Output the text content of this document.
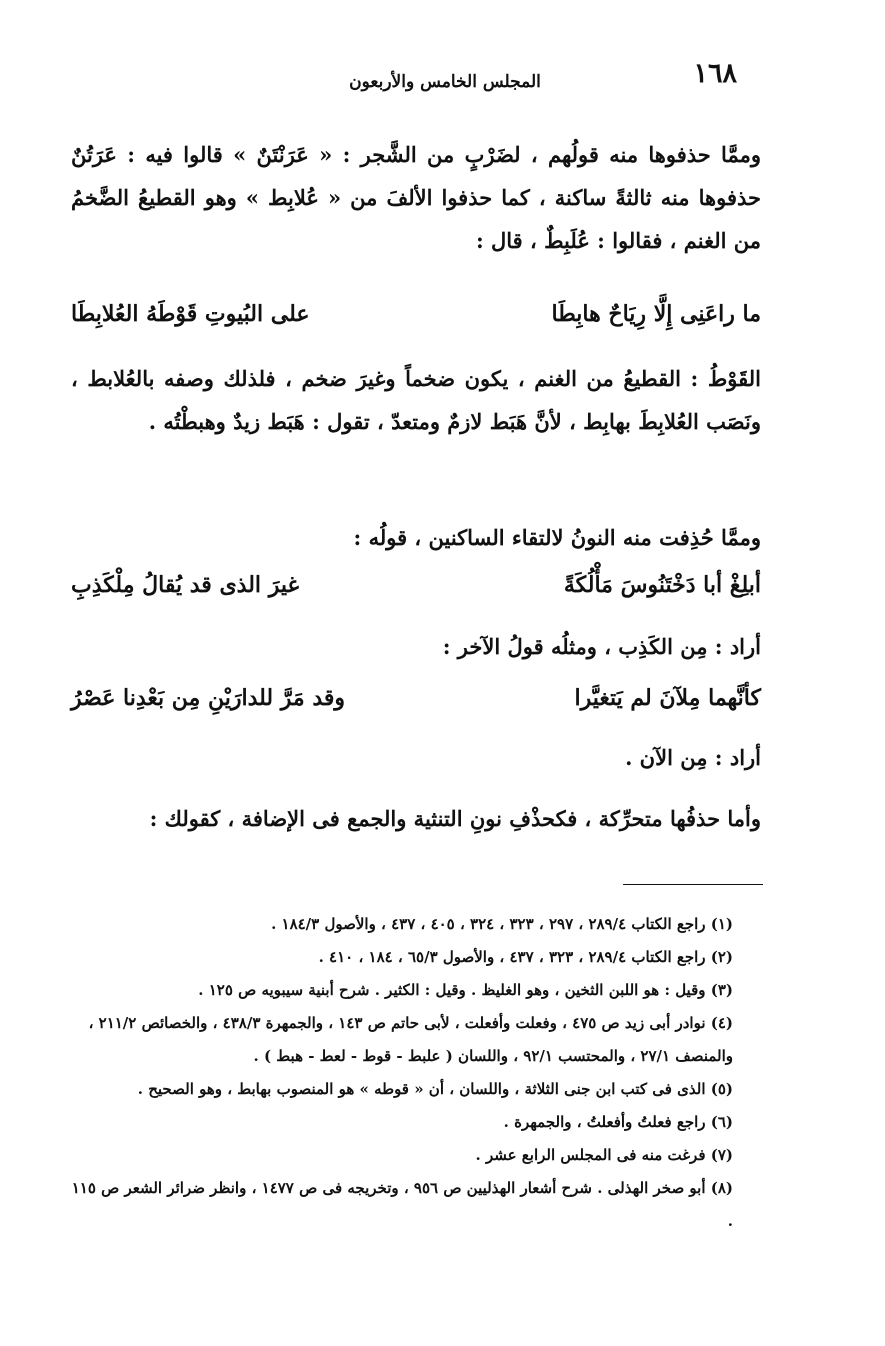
١٦٨
المجلس الخامس والأربعون
وممَّا حذفوها منه قولُهم ، لضَرْبٍ من الشَّجر : « عَرَنْتَنٌ » قالوا فيه : عَرَتُنٌ حذفوها منه ثالثةً ساكنة ، كما حذفوا الألفَ من « عُلابِط » وهو القطيعُ الضَّخمُ من الغنم ، فقالوا : عُلَبِطٌ ، قال :
ما راعَنِى إِلَّا رِيَاحٌ هابِطَا
على البُيوتِ قَوْطَهُ العُلابِطَا
القَوْطُ : القطيعُ من الغنم ، يكون ضخماً وغيرَ ضخم ، فلذلك وصفه بالعُلابط ، ونَصَب العُلابِطَ بهابِط ، لأنَّ هَبَط لازمٌ ومتعدّ ، تقول : هَبَط زيدٌ وهبطْتُه .
وممَّا حُذِفت منه النونُ لالتقاء الساكنين ، قولُه :
أبلِغْ أبا دَخْتَنُوسَ مَأْلُكَةً
غيرَ الذى قد يُقالُ مِلْكَذِبِ
أراد : مِن الكَذِب ، ومثلُه قولُ الآخر :
كأنَّهما مِلآنَ لم يَتغيَّرا
وقد مَرَّ للدارَيْنِ مِن بَعْدِنا عَصْرُ
أراد : مِن الآن .
وأما حذفُها متحرِّكة ، فكحذْفِ نونِ التنثية والجمع فى الإضافة ، كقولك :
(١) راجع الكتاب ٢٨٩/٤ ، ٢٩٧ ، ٣٢٣ ، ٣٢٤ ، ٤٠٥ ، ٤٣٧ ، والأصول ١٨٤/٣ .
(٢) راجع الكتاب ٢٨٩/٤ ، ٣٢٣ ، ٤٣٧ ، والأصول ٦٥/٣ ، ١٨٤ ، ٤١٠ .
(٣) وقيل : هو اللبن الثخين ، وهو الغليظ . وقيل : الكثير . شرح أبنية سيبويه ص ١٢٥ .
(٤) نوادر أبى زيد ص ٤٧٥ ، وفعلت وأفعلت ، لأبى حاتم ص ١٤٣ ، والجمهرة ٤٣٨/٣ ، والخصائص ٢١١/٢ ، والمنصف ٢٧/١ ، والمحتسب ٩٢/١ ، واللسان ( علبط - قوط - لعط - هبط ) .
(٥) الذى فى كتب ابن جنى الثلاثة ، واللسان ، أن « قوطه » هو المنصوب بهابط ، وهو الصحيح .
(٦) راجع فعلتُ وأفعلتُ ، والجمهرة .
(٧) فرغت منه فى المجلس الرابع عشر .
(٨) أبو صخر الهذلى . شرح أشعار الهذليين ص ٩٥٦ ، وتخريجه فى ص ١٤٧٧ ، وانظر ضرائر الشعر ص ١١٥ .
